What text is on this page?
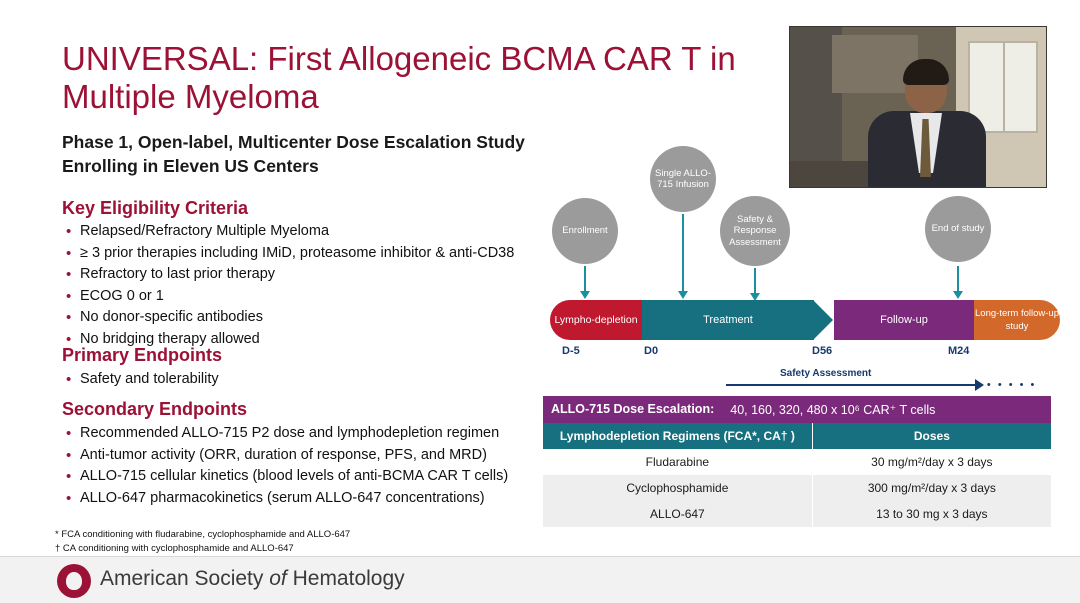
UNIVERSAL: First Allogeneic BCMA CAR T in Multiple Myeloma
Phase 1, Open-label, Multicenter Dose Escalation Study
Enrolling in Eleven US Centers
Key Eligibility Criteria
• Relapsed/Refractory Multiple Myeloma
• ≥ 3 prior therapies including IMiD, proteasome inhibitor & anti-CD38
• Refractory to last prior therapy
• ECOG 0 or 1
• No donor-specific antibodies
• No bridging therapy allowed
Primary Endpoints
• Safety and tolerability
Secondary Endpoints
• Recommended ALLO-715 P2 dose and lymphodepletion regimen
• Anti-tumor activity (ORR, duration of response, PFS, and MRD)
• ALLO-715 cellular kinetics (blood levels of anti-BCMA CAR T cells)
• ALLO-647 pharmacokinetics (serum ALLO-647 concentrations)
* FCA conditioning with fludarabine, cyclophosphamide and ALLO-647
† CA conditioning with cyclophosphamide and ALLO-647
Enrollment
Single ALLO-715 Infusion
Safety & Response Assessment
End of study
Lympho-depletion	Treatment	Follow-up	Long-term follow-up study
D-5	D0	D56	M24
Safety Assessment
• • • • • •
ALLO-715 Dose Escalation: 40, 160, 320, 480 x 10⁶ CAR⁺ T cells
Lymphodepletion Regimens (FCA*, CA† )	Doses
Fludarabine	30 mg/m²/day x 3 days
Cyclophosphamide	300 mg/m²/day x 3 days
ALLO-647	13 to 30 mg x 3 days
American Society of Hematology
